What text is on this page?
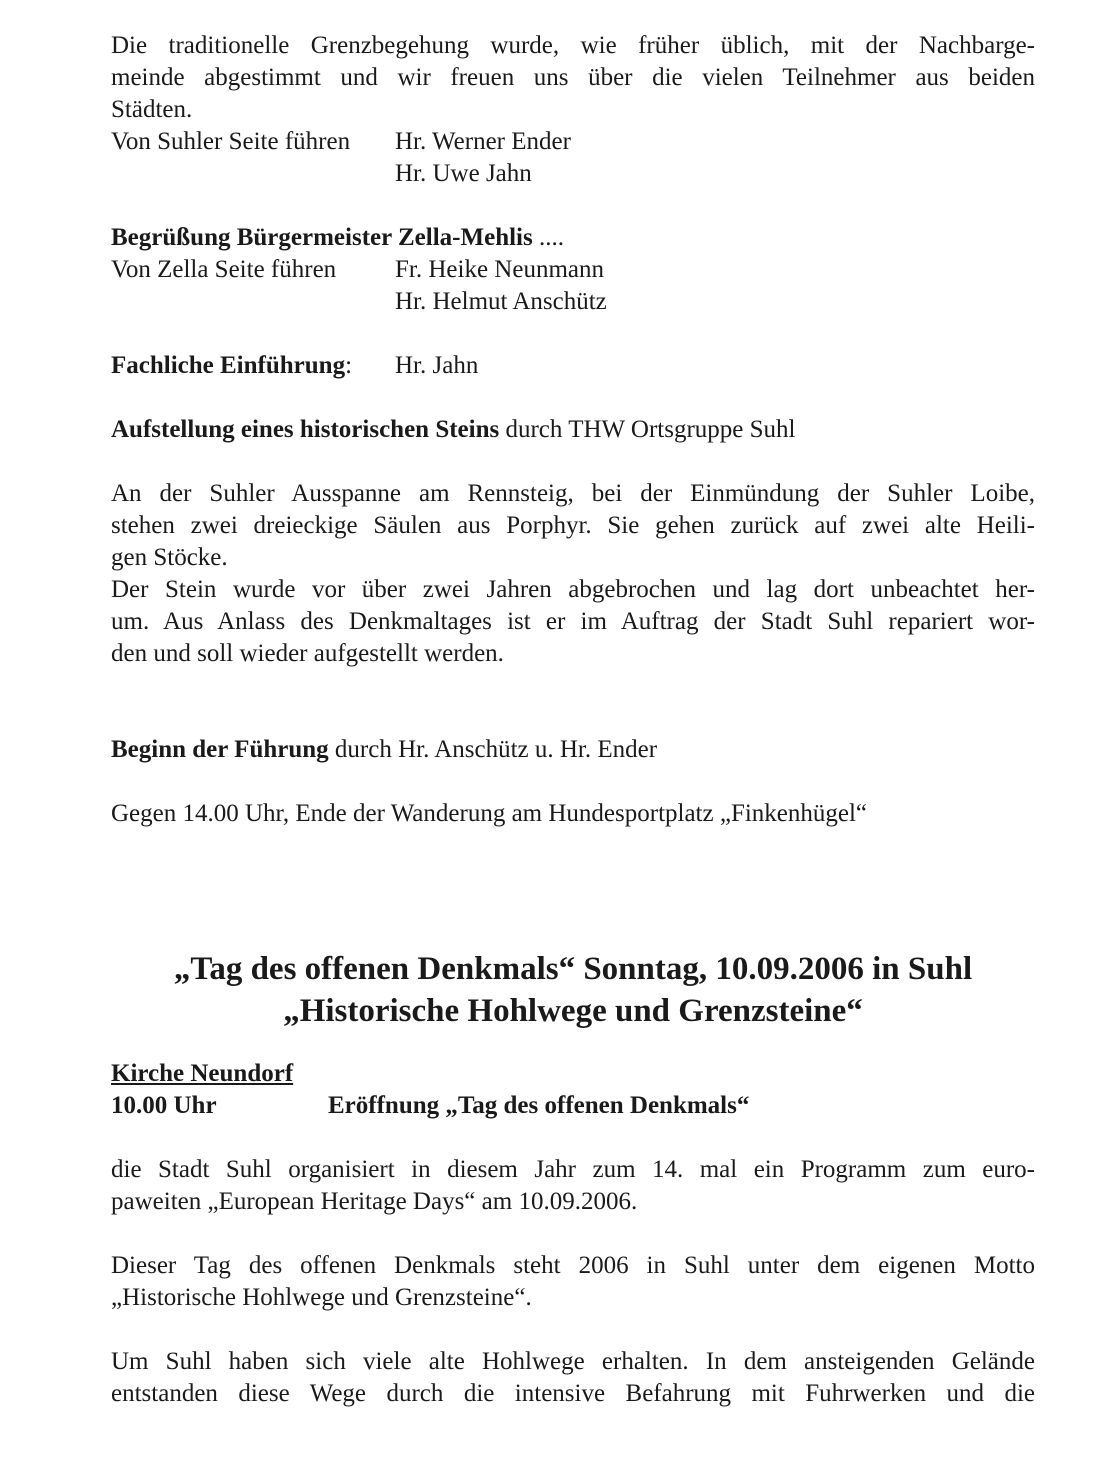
Die traditionelle Grenzbegehung wurde, wie früher üblich, mit der Nachbarge-
meinde abgestimmt und wir freuen uns über die vielen Teilnehmer aus beiden
Städten.
Von Suhler Seite führen	Hr. Werner Ender
Hr. Uwe Jahn
Begrüßung Bürgermeister Zella-Mehlis ....
Von Zella Seite führen	Fr. Heike Neunmann
Hr. Helmut Anschütz
Fachliche Einführung:	Hr. Jahn
Aufstellung eines historischen Steins durch THW Ortsgruppe Suhl
An der Suhler Ausspanne am Rennsteig, bei der Einmündung der Suhler Loibe,
stehen zwei dreieckige Säulen aus Porphyr. Sie gehen zurück auf zwei alte Heili-
gen Stöcke.
Der Stein wurde vor über zwei Jahren abgebrochen und lag dort unbeachtet her-
um. Aus Anlass des Denkmaltages ist er im Auftrag der Stadt Suhl repariert wor-
den und soll wieder aufgestellt werden.
Beginn der Führung durch Hr. Anschütz u. Hr. Ender
Gegen 14.00 Uhr, Ende der Wanderung am Hundesportplatz „Finkenhügel“
„Tag des offenen Denkmals“ Sonntag, 10.09.2006 in Suhl
„Historische Hohlwege und Grenzsteine“
Kirche Neundorf
10.00 Uhr	Eröffnung „Tag des offenen Denkmals“
die Stadt Suhl organisiert in diesem Jahr zum 14. mal ein Programm zum euro-
paweiten „European Heritage Days“ am 10.09.2006.
Dieser Tag des offenen Denkmals steht 2006 in Suhl unter dem eigenen Motto
„Historische Hohlwege und Grenzsteine“.
Um Suhl haben sich viele alte Hohlwege erhalten. In dem ansteigenden Gelände
entstanden diese Wege durch die intensive Befahrung mit Fuhrwerken und die
